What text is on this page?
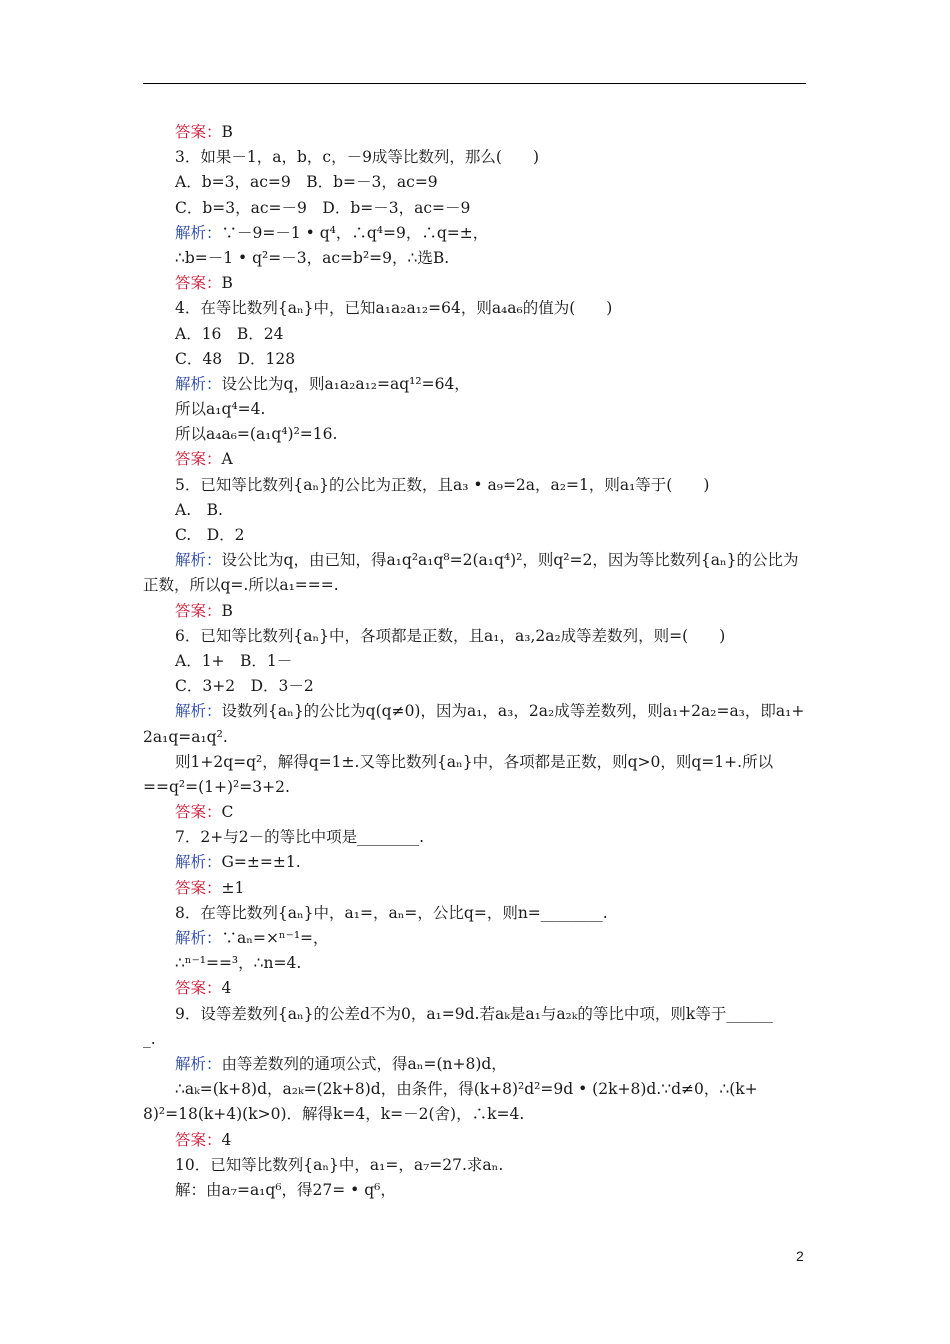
答案：B
3．如果－1，a，b，c，－9成等比数列，那么(　　)
A．b=3，ac=9　B．b=－3，ac=9
C．b=3，ac=－9　D．b=－3，ac=－9
解析：∵－9=－1 • q⁴，∴q⁴=9，∴q=±，
∴b=－1 • q²=－3，ac=b²=9，∴选B.
答案：B
4．在等比数列{aₙ}中，已知a₁a₂a₁₂=64，则a₄a₆的值为(　　)
A．16　B．24
C．48　D．128
解析：设公比为q，则a₁a₂a₁₂=aq¹²=64，
所以a₁q⁴=4.
所以a₄a₆=(a₁q⁴)²=16.
答案：A
5．已知等比数列{aₙ}的公比为正数，且a₃ • a₉=2a，a₂=1，则a₁等于(　　)
A.　B.
C.　D．2
解析：设公比为q，由已知，得a₁q²a₁q⁸=2(a₁q⁴)²，则q²=2，因为等比数列{aₙ}的公比为
正数，所以q=.所以a₁===.
答案：B
6．已知等比数列{aₙ}中，各项都是正数，且a₁，a₃,2a₂成等差数列，则=(　　)
A．1+　B．1－
C．3+2　D．3－2
解析：设数列{aₙ}的公比为q(q≠0)，因为a₁，a₃，2a₂成等差数列，则a₁+2a₂=a₃，即a₁+
2a₁q=a₁q².
则1+2q=q²，解得q=1±.又等比数列{aₙ}中，各项都是正数，则q>0，则q=1+.所以
==q²=(1+)²=3+2.
答案：C
7．2+与2－的等比中项是________.
解析：G=±=±1.
答案：±1
8．在等比数列{aₙ}中，a₁=，aₙ=，公比q=，则n=________.
解析：∵aₙ=×ⁿ⁻¹=，
∴ⁿ⁻¹==³，∴n=4.
答案：4
9．设等差数列{aₙ}的公差d不为0，a₁=9d.若aₖ是a₁与a₂ₖ的等比中项，则k等于______
_.
解析：由等差数列的通项公式，得aₙ=(n+8)d，
∴aₖ=(k+8)d，a₂ₖ=(2k+8)d，由条件，得(k+8)²d²=9d • (2k+8)d.∵d≠0，∴(k+
8)²=18(k+4)(k>0)．解得k=4，k=－2(舍)，∴k=4.
答案：4
10．已知等比数列{aₙ}中，a₁=，a₇=27.求aₙ.
解：由a₇=a₁q⁶，得27= • q⁶，
2
